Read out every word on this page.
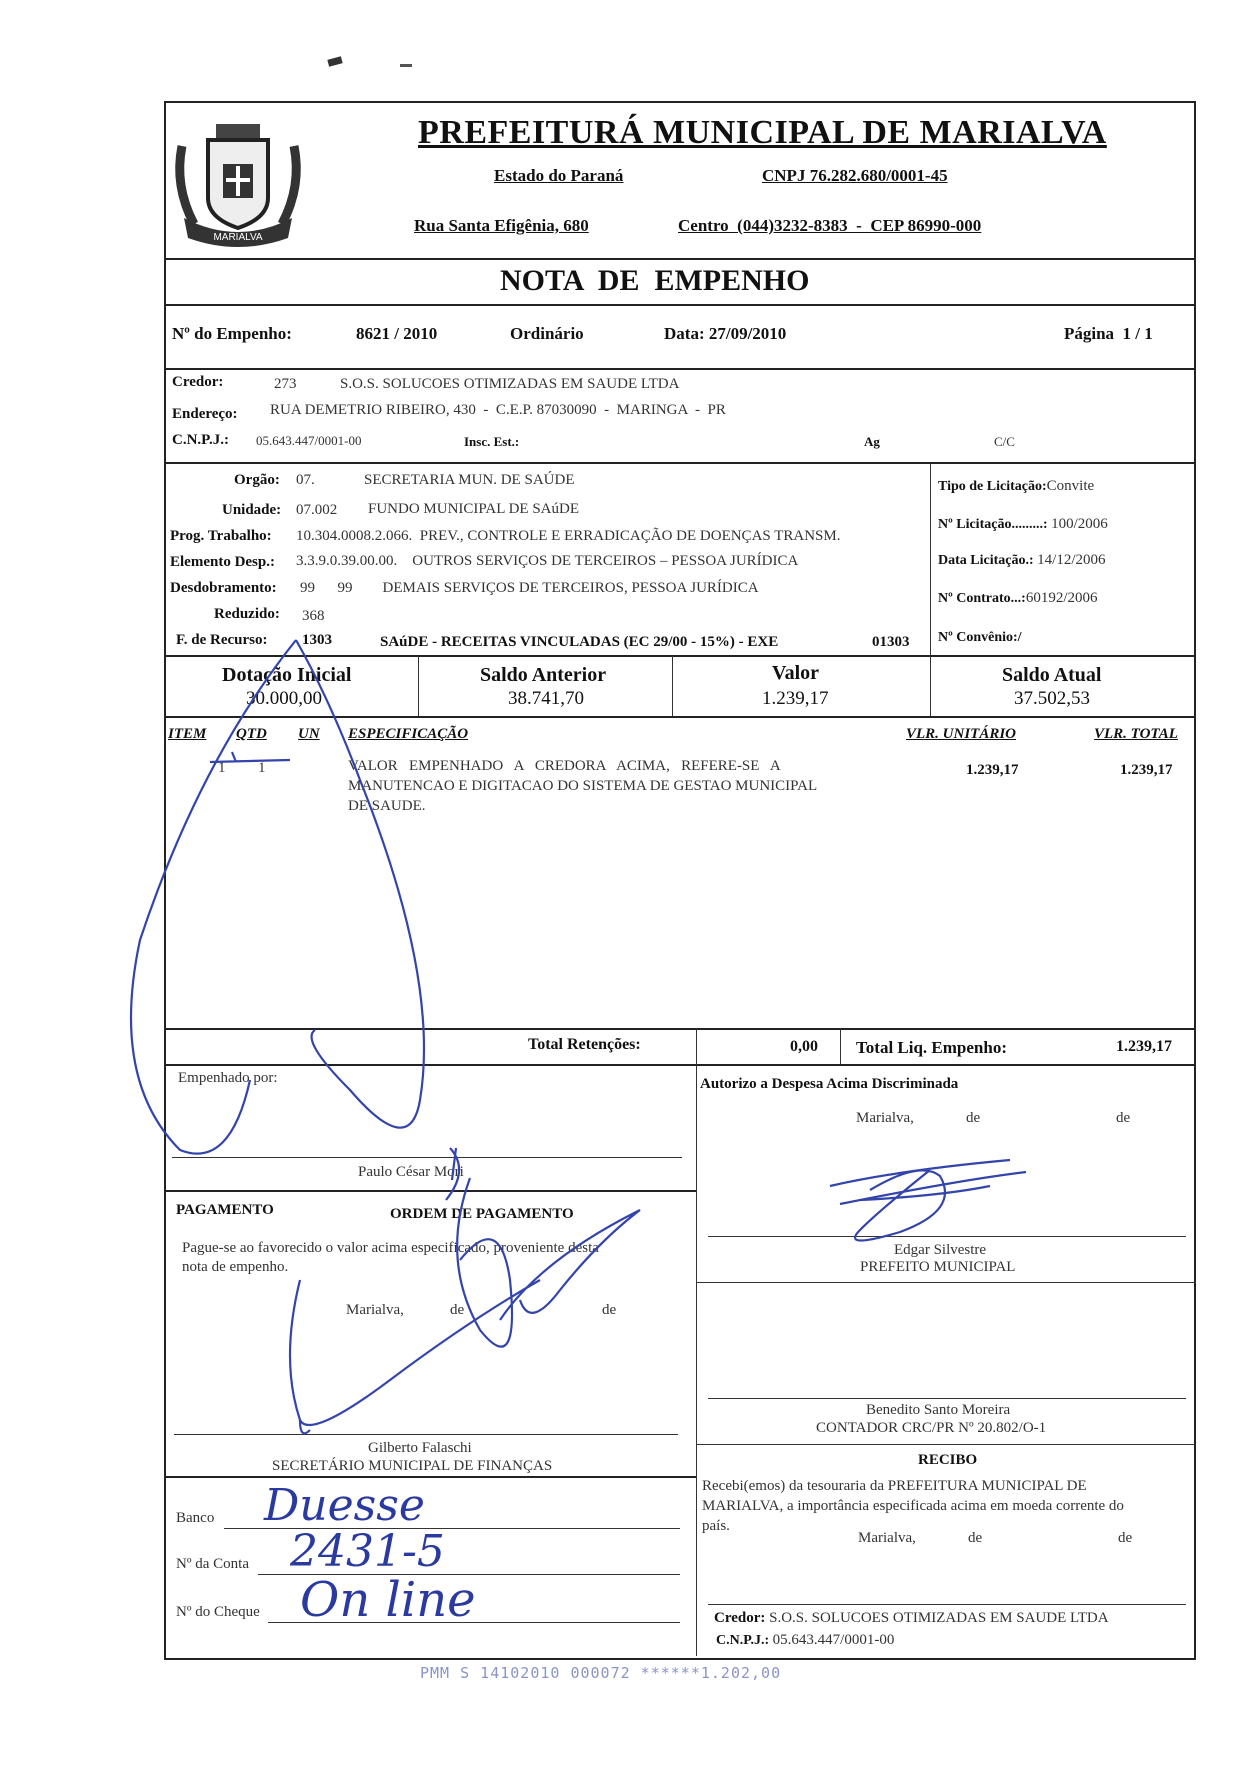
MARIALVA
PREFEITURÁ MUNICIPAL DE MARIALVA
Estado do Paraná	CNPJ 76.282.680/0001-45
Rua Santa Efigênia, 680	Centro  (044)3232-8383  -  CEP 86990-000
NOTA  DE  EMPENHO
Nº do Empenho:	8621 / 2010	Ordinário	Data: 27/09/2010	Página  1 / 1
Credor:	273	S.O.S. SOLUCOES OTIMIZADAS EM SAUDE LTDA
Endereço: RUA DEMETRIO RIBEIRO, 430  -  C.E.P. 87030090  -  MARINGA  -  PR
C.N.P.J.: 05.643.447/0001-00	Insc. Est.:	Ag	C/C
Orgão: 07.	SECRETARIA MUN. DE SAÚDE
Unidade: 07.002 FUNDO MUNICIPAL DE SAúDE
Prog. Trabalho: 10.304.0008.2.066.  PREV., CONTROLE E ERRADICAÇÃO DE DOENÇAS TRANSM.
Elemento Desp.: 3.3.9.0.39.00.00.    OUTROS SERVIÇOS DE TERCEIROS – PESSOA JURÍDICA
Desdobramento: 99      99        DEMAIS SERVIÇOS DE TERCEIROS, PESSOA JURÍDICA
Reduzido: 368
F. de Recurso: 1303	SAúDE - RECEITAS VINCULADAS (EC 29/00 - 15%) - EXE	01303
Tipo de Licitação:Convite
Nº Licitação.........: 100/2006
Data Licitação.: 14/12/2006
Nº Contrato...:60192/2006
Nº Convênio:/
Dotação Inicial
30.000,00
Saldo Anterior
38.741,70
Valor
1.239,17
Saldo Atual
37.502,53
ITEM QTD UN ESPECIFICAÇÃO	VLR. UNITÁRIO	VLR. TOTAL
1 1	VALOR   EMPENHADO   A   CREDORA   ACIMA,   REFERE-SE   A
MANUTENCAO E DIGITACAO DO SISTEMA DE GESTAO MUNICIPAL
DE SAUDE.
1.239,17	1.239,17
Total Retenções:	0,00 Total Liq. Empenho:	1.239,17
Empenhado por:
Paulo César Mori
Autorizo a Despesa Acima Discriminada
Marialva,	de	de
Edgar Silvestre
PREFEITO MUNICIPAL
PAGAMENTO	ORDEM DE PAGAMENTO
Pague-se ao favorecido o valor acima especificado, proveniente desta
nota de empenho.
Marialva,	de	de
Gilberto Falaschi
SECRETÁRIO MUNICIPAL DE FINANÇAS
Benedito Santo Moreira
CONTADOR CRC/PR Nº 20.802/O-1
RECIBO
Recebi(emos) da tesouraria da PREFEITURA MUNICIPAL DE
MARIALVA, a importância especificada acima em moeda corrente do
país.
Marialva,	de	de
Credor: S.O.S. SOLUCOES OTIMIZADAS EM SAUDE LTDA
C.N.P.J.: 05.643.447/0001-00
Banco Duesse
Nº da Conta 2431-5
Nº do Cheque On line
PMM S 14102010 000072 ******1.202,00
